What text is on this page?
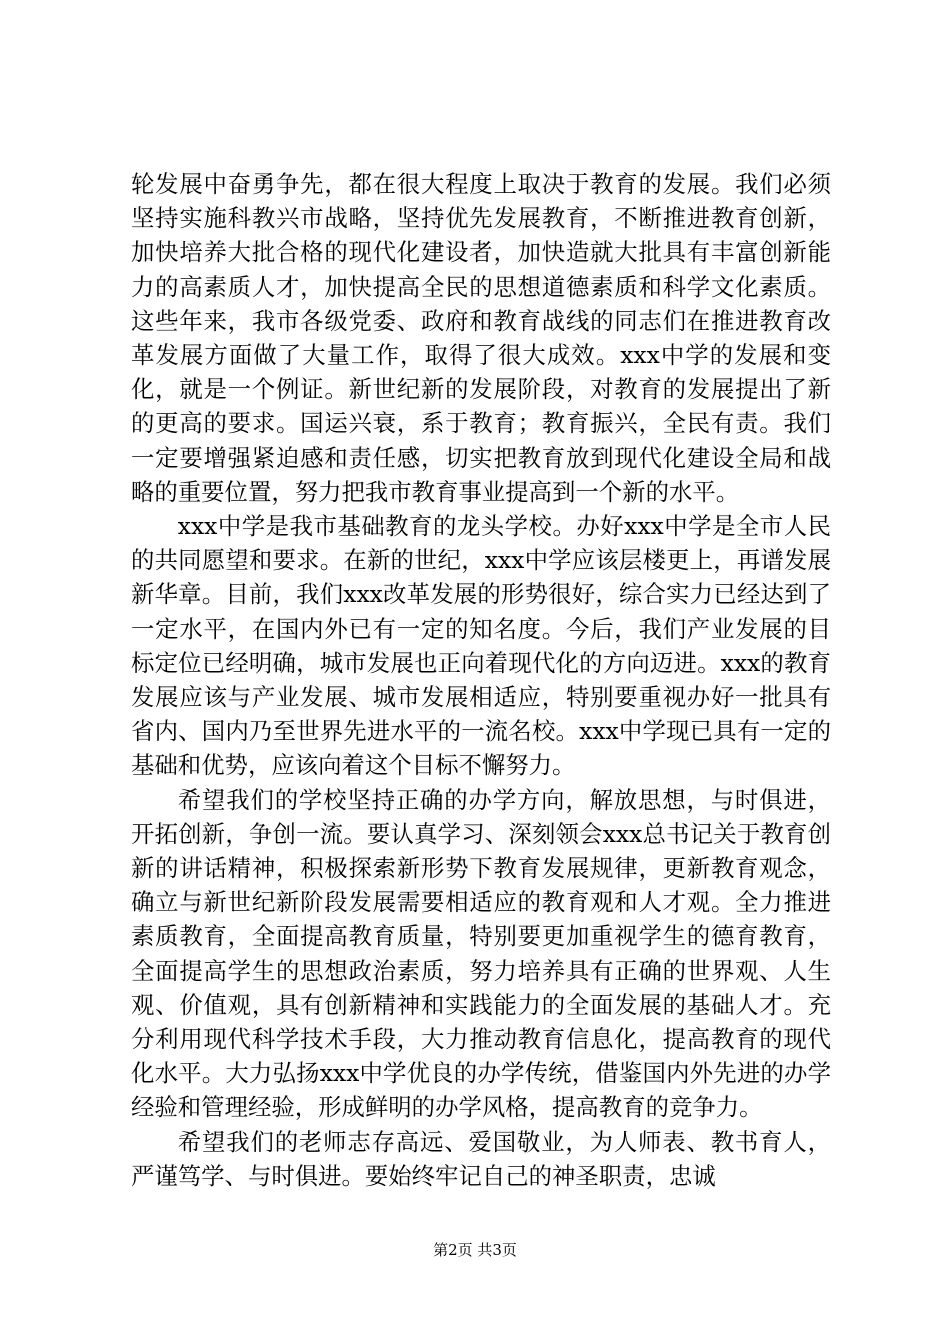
轮发展中奋勇争先，都在很大程度上取决于教育的发展。我们必须坚持实施科教兴市战略，坚持优先发展教育，不断推进教育创新，加快培养大批合格的现代化建设者，加快造就大批具有丰富创新能力的高素质人才，加快提高全民的思想道德素质和科学文化素质。这些年来，我市各级党委、政府和教育战线的同志们在推进教育改革发展方面做了大量工作，取得了很大成效。xxx中学的发展和变化，就是一个例证。新世纪新的发展阶段，对教育的发展提出了新的更高的要求。国运兴衰，系于教育；教育振兴，全民有责。我们一定要增强紧迫感和责任感，切实把教育放到现代化建设全局和战略的重要位置，努力把我市教育事业提高到一个新的水平。

xxx中学是我市基础教育的龙头学校。办好xxx中学是全市人民的共同愿望和要求。在新的世纪，xxx中学应该层楼更上，再谱发展新华章。目前，我们xxx改革发展的形势很好，综合实力已经达到了一定水平，在国内外已有一定的知名度。今后，我们产业发展的目标定位已经明确，城市发展也正向着现代化的方向迈进。xxx的教育发展应该与产业发展、城市发展相适应，特别要重视办好一批具有省内、国内乃至世界先进水平的一流名校。xxx中学现已具有一定的基础和优势，应该向着这个目标不懈努力。

希望我们的学校坚持正确的办学方向，解放思想，与时俱进，开拓创新，争创一流。要认真学习、深刻领会xxx总书记关于教育创新的讲话精神，积极探索新形势下教育发展规律，更新教育观念，确立与新世纪新阶段发展需要相适应的教育观和人才观。全力推进素质教育，全面提高教育质量，特别要更加重视学生的德育教育，全面提高学生的思想政治素质，努力培养具有正确的世界观、人生观、价值观，具有创新精神和实践能力的全面发展的基础人才。充分利用现代科学技术手段，大力推动教育信息化，提高教育的现代化水平。大力弘扬xxx中学优良的办学传统，借鉴国内外先进的办学经验和管理经验，形成鲜明的办学风格，提高教育的竞争力。

希望我们的老师志存高远、爱国敬业，为人师表、教书育人，严谨笃学、与时俱进。要始终牢记自己的神圣职责，忠诚

第2页 共3页
